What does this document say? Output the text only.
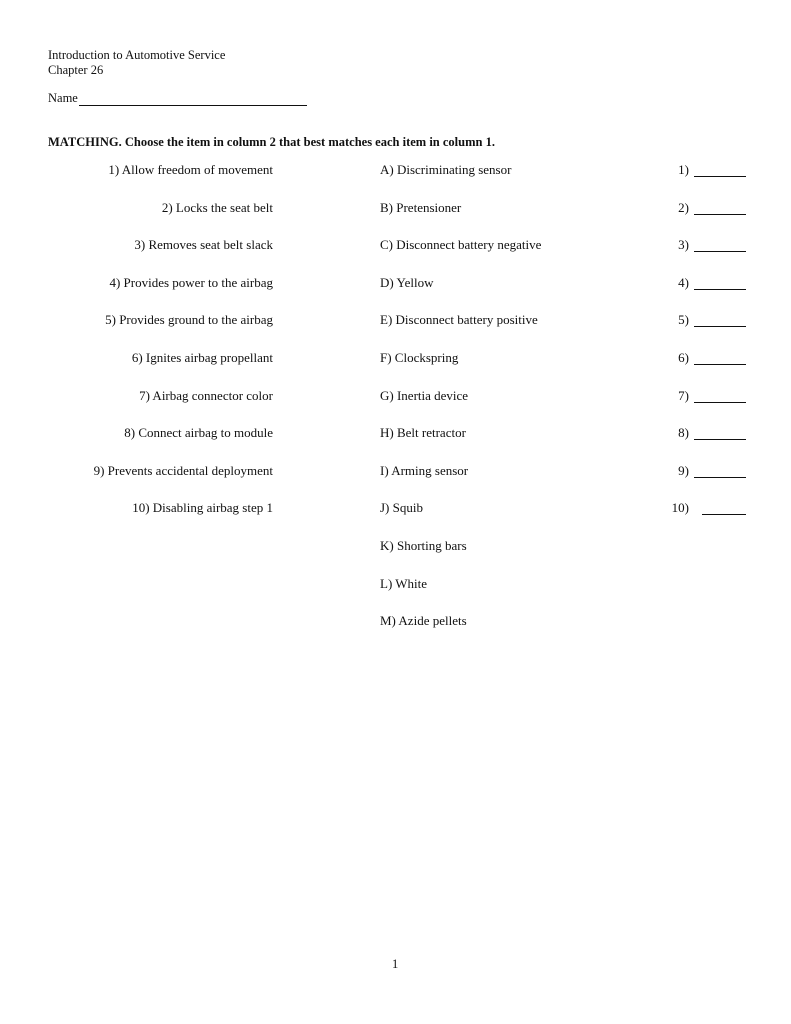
Introduction to Automotive Service
Chapter 26
Name
MATCHING. Choose the item in column 2 that best matches each item in column 1.
1) Allow freedom of movement	A) Discriminating sensor	1)
2) Locks the seat belt	B) Pretensioner	2)
3) Removes seat belt slack	C) Disconnect battery negative	3)
4) Provides power to the airbag	D) Yellow	4)
5) Provides ground to the airbag	E) Disconnect battery positive	5)
6) Ignites airbag propellant	F) Clockspring	6)
7) Airbag connector color	G) Inertia device	7)
8) Connect airbag to module	H) Belt retractor	8)
9) Prevents accidental deployment	I) Arming sensor	9)
10) Disabling airbag step 1	J) Squib	10)
K) Shorting bars
L) White
M) Azide pellets
1
